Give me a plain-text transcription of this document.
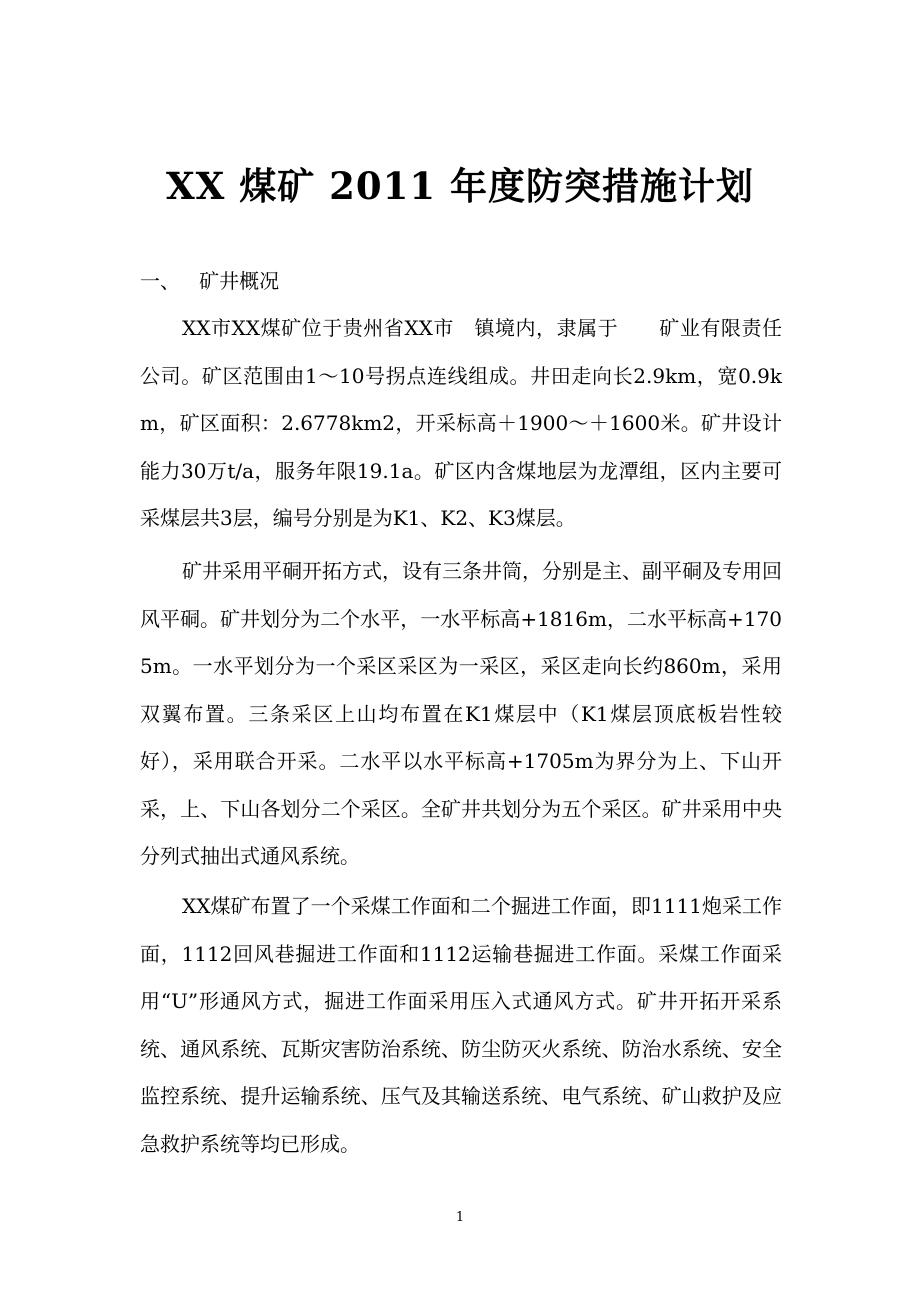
XX 煤矿 2011 年度防突措施计划

一、   矿井概况

XX市XX煤矿位于贵州省XX市　镇境内，隶属于　　矿业有限责任公司。矿区范围由1～10号拐点连线组成。井田走向长2.9km，宽0.9km，矿区面积：2.6778km2，开采标高＋1900～＋1600米。矿井设计能力30万t/a，服务年限19.1a。矿区内含煤地层为龙潭组，区内主要可采煤层共3层，编号分别是为K1、K2、K3煤层。

矿井采用平硐开拓方式，设有三条井筒，分别是主、副平硐及专用回风平硐。矿井划分为二个水平，一水平标高+1816m，二水平标高+1705m。一水平划分为一个采区采区为一采区，采区走向长约860m，采用双翼布置。三条采区上山均布置在K1煤层中（K1煤层顶底板岩性较好），采用联合开采。二水平以水平标高+1705m为界分为上、下山开采，上、下山各划分二个采区。全矿井共划分为五个采区。矿井采用中央分列式抽出式通风系统。

XX煤矿布置了一个采煤工作面和二个掘进工作面，即1111炮采工作面，1112回风巷掘进工作面和1112运输巷掘进工作面。采煤工作面采用“U”形通风方式，掘进工作面采用压入式通风方式。矿井开拓开采系统、通风系统、瓦斯灾害防治系统、防尘防灭火系统、防治水系统、安全监控系统、提升运输系统、压气及其输送系统、电气系统、矿山救护及应急救护系统等均已形成。

1
